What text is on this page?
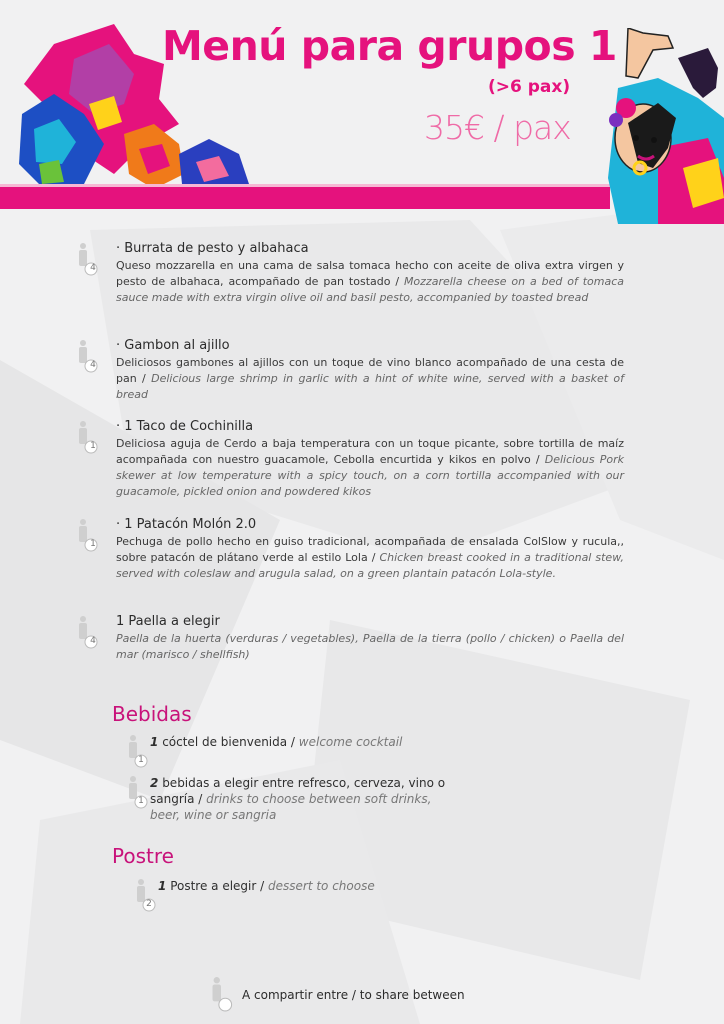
Menú para grupos 1
(>6 pax)
35€ / pax
4
· Burrata de pesto y albahaca
Queso mozzarella en una cama de salsa tomaca hecho con aceite de oliva extra virgen y pesto de albahaca, acompañado de pan tostado / Mozzarella cheese on a bed of tomaca sauce made with extra virgin olive oil and basil pesto, accompanied by toasted bread
4
· Gambon al ajillo
Deliciosos gambones al ajillos con un toque de vino blanco acompañado de una cesta de pan / Delicious large shrimp in garlic with a hint of white wine, served with a basket of bread
1
· 1 Taco de Cochinilla
Deliciosa aguja de Cerdo a baja temperatura con un toque picante, sobre tortilla de maíz acompañada con nuestro guacamole, Cebolla encurtida y kikos en polvo / Delicious Pork skewer at low temperature with a spicy touch, on a corn tortilla accompanied with our guacamole, pickled onion and powdered kikos
1
· 1 Patacón Molón 2.0
Pechuga de pollo hecho en guiso tradicional, acompañada de ensalada ColSlow y rucula,, sobre patacón de plátano verde al estilo Lola / Chicken breast cooked in a traditional stew, served with coleslaw and arugula salad, on a green plantain patacón Lola-style.
4
1 Paella a elegir
Paella de la huerta (verduras / vegetables), Paella de la tierra (pollo / chicken) o Paella del mar (marisco / shellfish)
Bebidas
1
1 cóctel de bienvenida / welcome cocktail
1
2 bebidas a elegir entre refresco, cerveza, vino o sangría / drinks to choose between soft drinks, beer, wine or sangria
Postre
2
1 Postre a elegir / dessert to choose
A compartir entre / to share between
